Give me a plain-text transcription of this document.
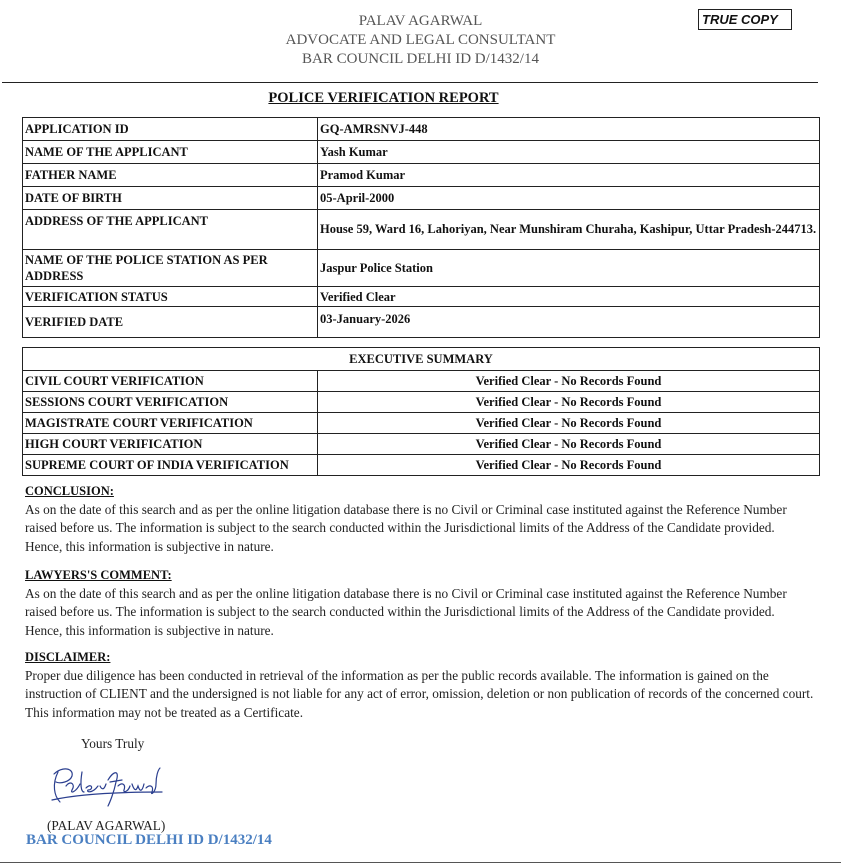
PALAV AGARWAL
ADVOCATE AND LEGAL CONSULTANT
BAR COUNCIL DELHI ID D/1432/14
TRUE COPY
POLICE VERIFICATION REPORT
APPLICATION ID	GQ-AMRSNVJ-448
NAME OF THE APPLICANT	Yash Kumar
FATHER NAME	Pramod Kumar
DATE OF BIRTH	05-April-2000
ADDRESS OF THE APPLICANT	House 59, Ward 16, Lahoriyan, Near Munshiram Churaha, Kashipur, Uttar Pradesh-244713.
NAME OF THE POLICE STATION AS PER ADDRESS	Jaspur Police Station
VERIFICATION STATUS	Verified Clear
VERIFIED DATE	03-January-2026
EXECUTIVE SUMMARY	
CIVIL COURT VERIFICATION	Verified Clear - No Records Found
SESSIONS COURT VERIFICATION	Verified Clear - No Records Found
MAGISTRATE COURT VERIFICATION	Verified Clear - No Records Found
HIGH COURT VERIFICATION	Verified Clear - No Records Found
SUPREME COURT OF INDIA VERIFICATION	Verified Clear - No Records Found
CONCLUSION:
As on the date of this search and as per the online litigation database there is no Civil or Criminal case instituted against the Reference Number raised before us. The information is subject to the search conducted within the Jurisdictional limits of the Address of the Candidate provided. Hence, this information is subjective in nature.
LAWYERS'S COMMENT:
As on the date of this search and as per the online litigation database there is no Civil or Criminal case instituted against the Reference Number raised before us. The information is subject to the search conducted within the Jurisdictional limits of the Address of the Candidate provided. Hence, this information is subjective in nature.
DISCLAIMER:
Proper due diligence has been conducted in retrieval of the information as per the public records available. The information is gained on the instruction of CLIENT and the undersigned is not liable for any act of error, omission, deletion or non publication of records of the concerned court. This information may not be treated as a Certificate.
Yours Truly
(PALAV AGARWAL)
BAR COUNCIL DELHI ID D/1432/14
